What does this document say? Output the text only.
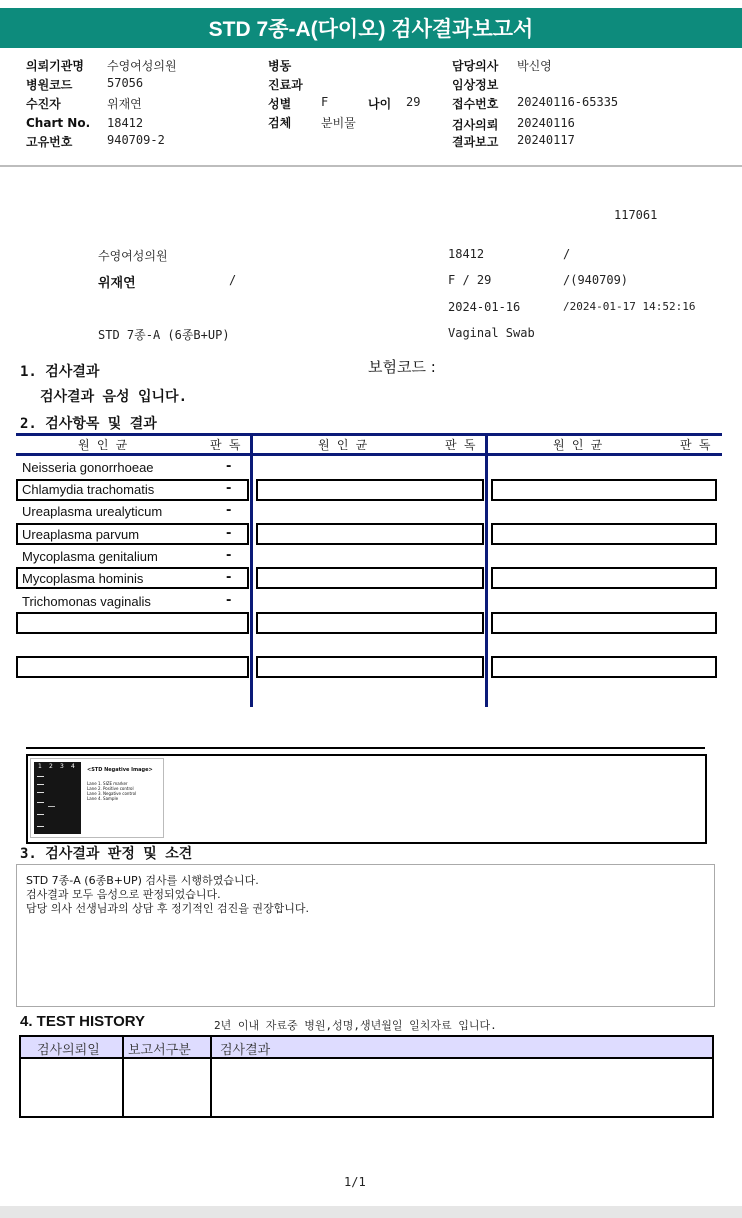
STD 7종-A(다이오) 검사결과보고서
의뢰기관명 수영여성의원
병원코드	57056
수진자	위재연
Chart No. 18412
고유번호	940709-2
병동
진료과
성별 F	나이 29
검체 분비물
담당의사 박신영
임상정보
접수번호 20240116-65335
검사의뢰 20240116
결과보고 20240117
117061
수영여성의원	18412	/
위재연	/	F / 29	/(940709)
2024-01-16	/2024-01-17 14:52:16
STD 7종-A (6종B+UP)	Vaginal Swab
1. 검사결과	보험코드 :
검사결과 음성 입니다.
2. 검사항목 및 결과
원 인 균	판 독	원 인 균	판 독	원 인 균	판 독
Neisseria gonorrhoeae	-
Chlamydia trachomatis	-
Ureaplasma urealyticum	-
Ureaplasma parvum	-
Mycoplasma genitalium	-
Mycoplasma hominis	-
Trichomonas vaginalis	-
1 2 3 4 <STD Negative Image>
Lane 1. SIZE marker
Lane 2. Positive control
Lane 3. Negative control
Lane 4. Sample
3. 검사결과 판정 및 소견
STD 7종-A (6종B+UP) 검사를 시행하였습니다.
검사결과 모두 음성으로 판정되었습니다.
담당 의사 선생님과의 상담 후 정기적인 검진을 권장합니다.
4. TEST HISTORY	2년 이내 자료중 병원,성명,생년월일 일치자료 입니다.
검사의뢰일 보고서구분 검사결과
1/1
